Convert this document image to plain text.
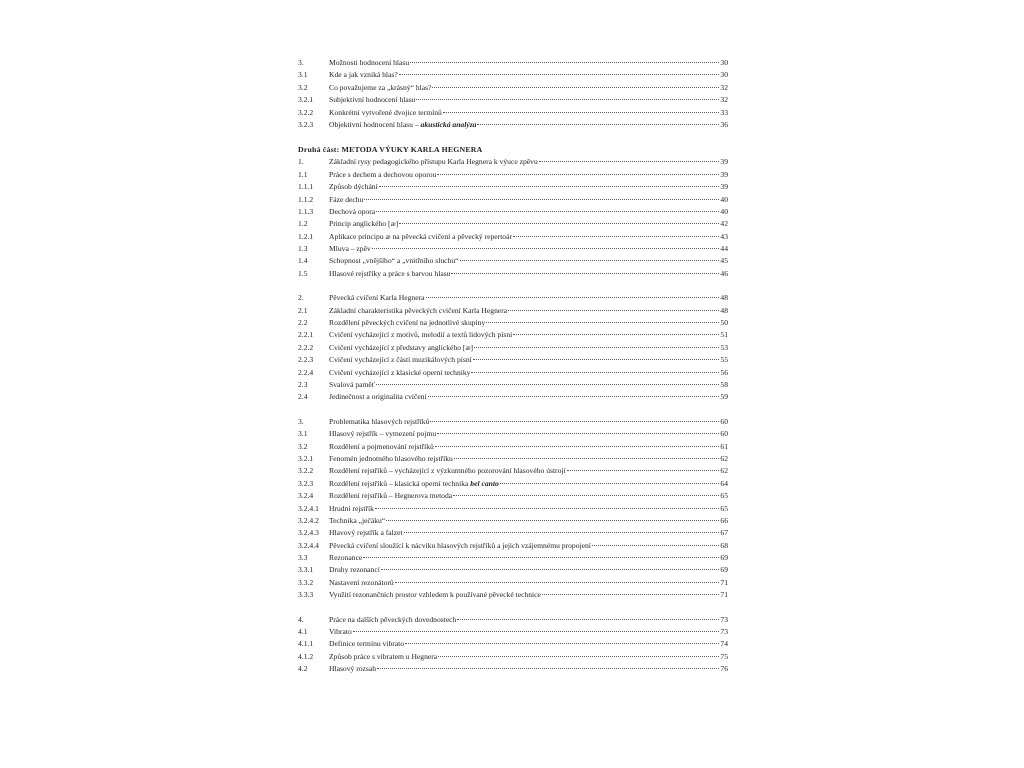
3.	Možnosti hodnocení hlasu	30
3.1	Kde a jak vzniká hlas?	30
3.2	Co považujeme za „krásný“ hlas?	32
3.2.1	Subjektivní hodnocení hlasu	32
3.2.2	Konkrétní vytvořené dvojice termínů	33
3.2.3	Objektivní hodnocení hlasu – akustická analýza	36
Druhá část: METODA VÝUKY KARLA HEGNERA
1.	Základní rysy pedagogického přístupu Karla Hegnera k výuce zpěvu	39
1.1	Práce s dechem a dechovou oporou	39
1.1.1	Způsob dýchání	39
1.1.2	Fáze dechu	40
1.1.3	Dechová opora	40
1.2	Princip anglického [æ]	42
1.2.1	Aplikace principu æ na pěvecká cvičení a pěvecký repertoár	43
1.3	Mluva – zpěv	44
1.4	Schopnost „vnějšího“ a „vnitřního sluchu“	45
1.5	Hlasové rejstříky a práce s barvou hlasu	46
2.	Pěvecká cvičení Karla Hegnera	48
2.1	Základní charakteristika pěveckých cvičení Karla Hegnera	48
2.2	Rozdělení pěveckých cvičení na jednotlivé skupiny	50
2.2.1	Cvičení vycházející z motivů, melodií a textů lidových písní	51
2.2.2	Cvičení vycházející z představy anglického [æ]	53
2.2.3	Cvičení vycházející z částí muzikálových písní	55
2.2.4	Cvičení vycházející z klasické operní techniky	56
2.3	Svalová paměť	58
2.4	Jedinečnost a originalita cvičení	59
3.	Problematika hlasových rejstříků	60
3.1	Hlasový rejstřík – vymezení pojmu	60
3.2	Rozdělení a pojmenování rejstříků	61
3.2.1	Fenomén jednotného hlasového rejstříku	62
3.2.2	Rozdělení rejstříků – vycházející z výzkumného pozorování hlasového ústrojí	62
3.2.3	Rozdělení rejstříků – klasická operní technika bel canto	64
3.2.4	Rozdělení rejstříků – Hegnerova metoda	65
3.2.4.1	Hrudní rejstřík	65
3.2.4.2	Technika „ječáku“	66
3.2.4.3	Hlavový rejstřík a falzet	67
3.2.4.4	Pěvecká cvičení sloužící k nácviku hlasových rejstříků a jejich vzájemnému propojení	68
3.3	Rezonance	69
3.3.1	Druhy rezonancí	69
3.3.2	Nastavení rezonátorů	71
3.3.3	Využití rezonančních prostor vzhledem k používané pěvecké technice	71
4.	Práce na dalších pěveckých dovednostech	73
4.1	Vibrato	73
4.1.1	Definice termínu vibrato	74
4.1.2	Způsob práce s vibratem u Hegnera	75
4.2	Hlasový rozsah	76
